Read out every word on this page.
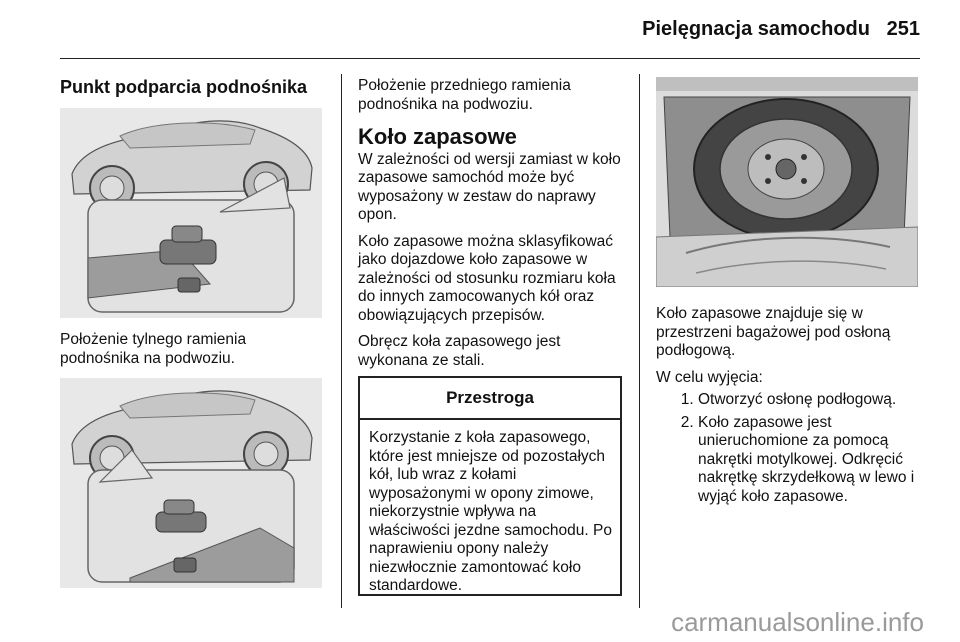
Pielęgnacja samochodu 251
Punkt podparcia podnośnika

Położenie tylnego ramienia podnośnika na podwoziu.

Położenie przedniego ramienia podnośnika na podwoziu.

Koło zapasowe

W zależności od wersji zamiast w koło zapasowe samochód może być wyposażony w zestaw do naprawy opon.

Koło zapasowe można sklasyfikować jako dojazdowe koło zapasowe w zależności od stosunku rozmiaru koła do innych zamocowanych kół oraz obowiązujących przepisów.

Obręcz koła zapasowego jest wykonana ze stali.

Przestroga
Korzystanie z koła zapasowego, które jest mniejsze od pozostałych kół, lub wraz z kołami wyposażonymi w opony zimowe, niekorzystnie wpływa na właściwości jezdne samochodu. Po naprawieniu opony należy niezwłocznie zamontować koło standardowe.

Koło zapasowe znajduje się w przestrzeni bagażowej pod osłoną podłogową.

W celu wyjęcia:

1. Otworzyć osłonę podłogową.
2. Koło zapasowe jest unieruchomione za pomocą nakrętki motylkowej. Odkręcić nakrętkę skrzydełkową w lewo i wyjąć koło zapasowe.
carmanualsonline.info
